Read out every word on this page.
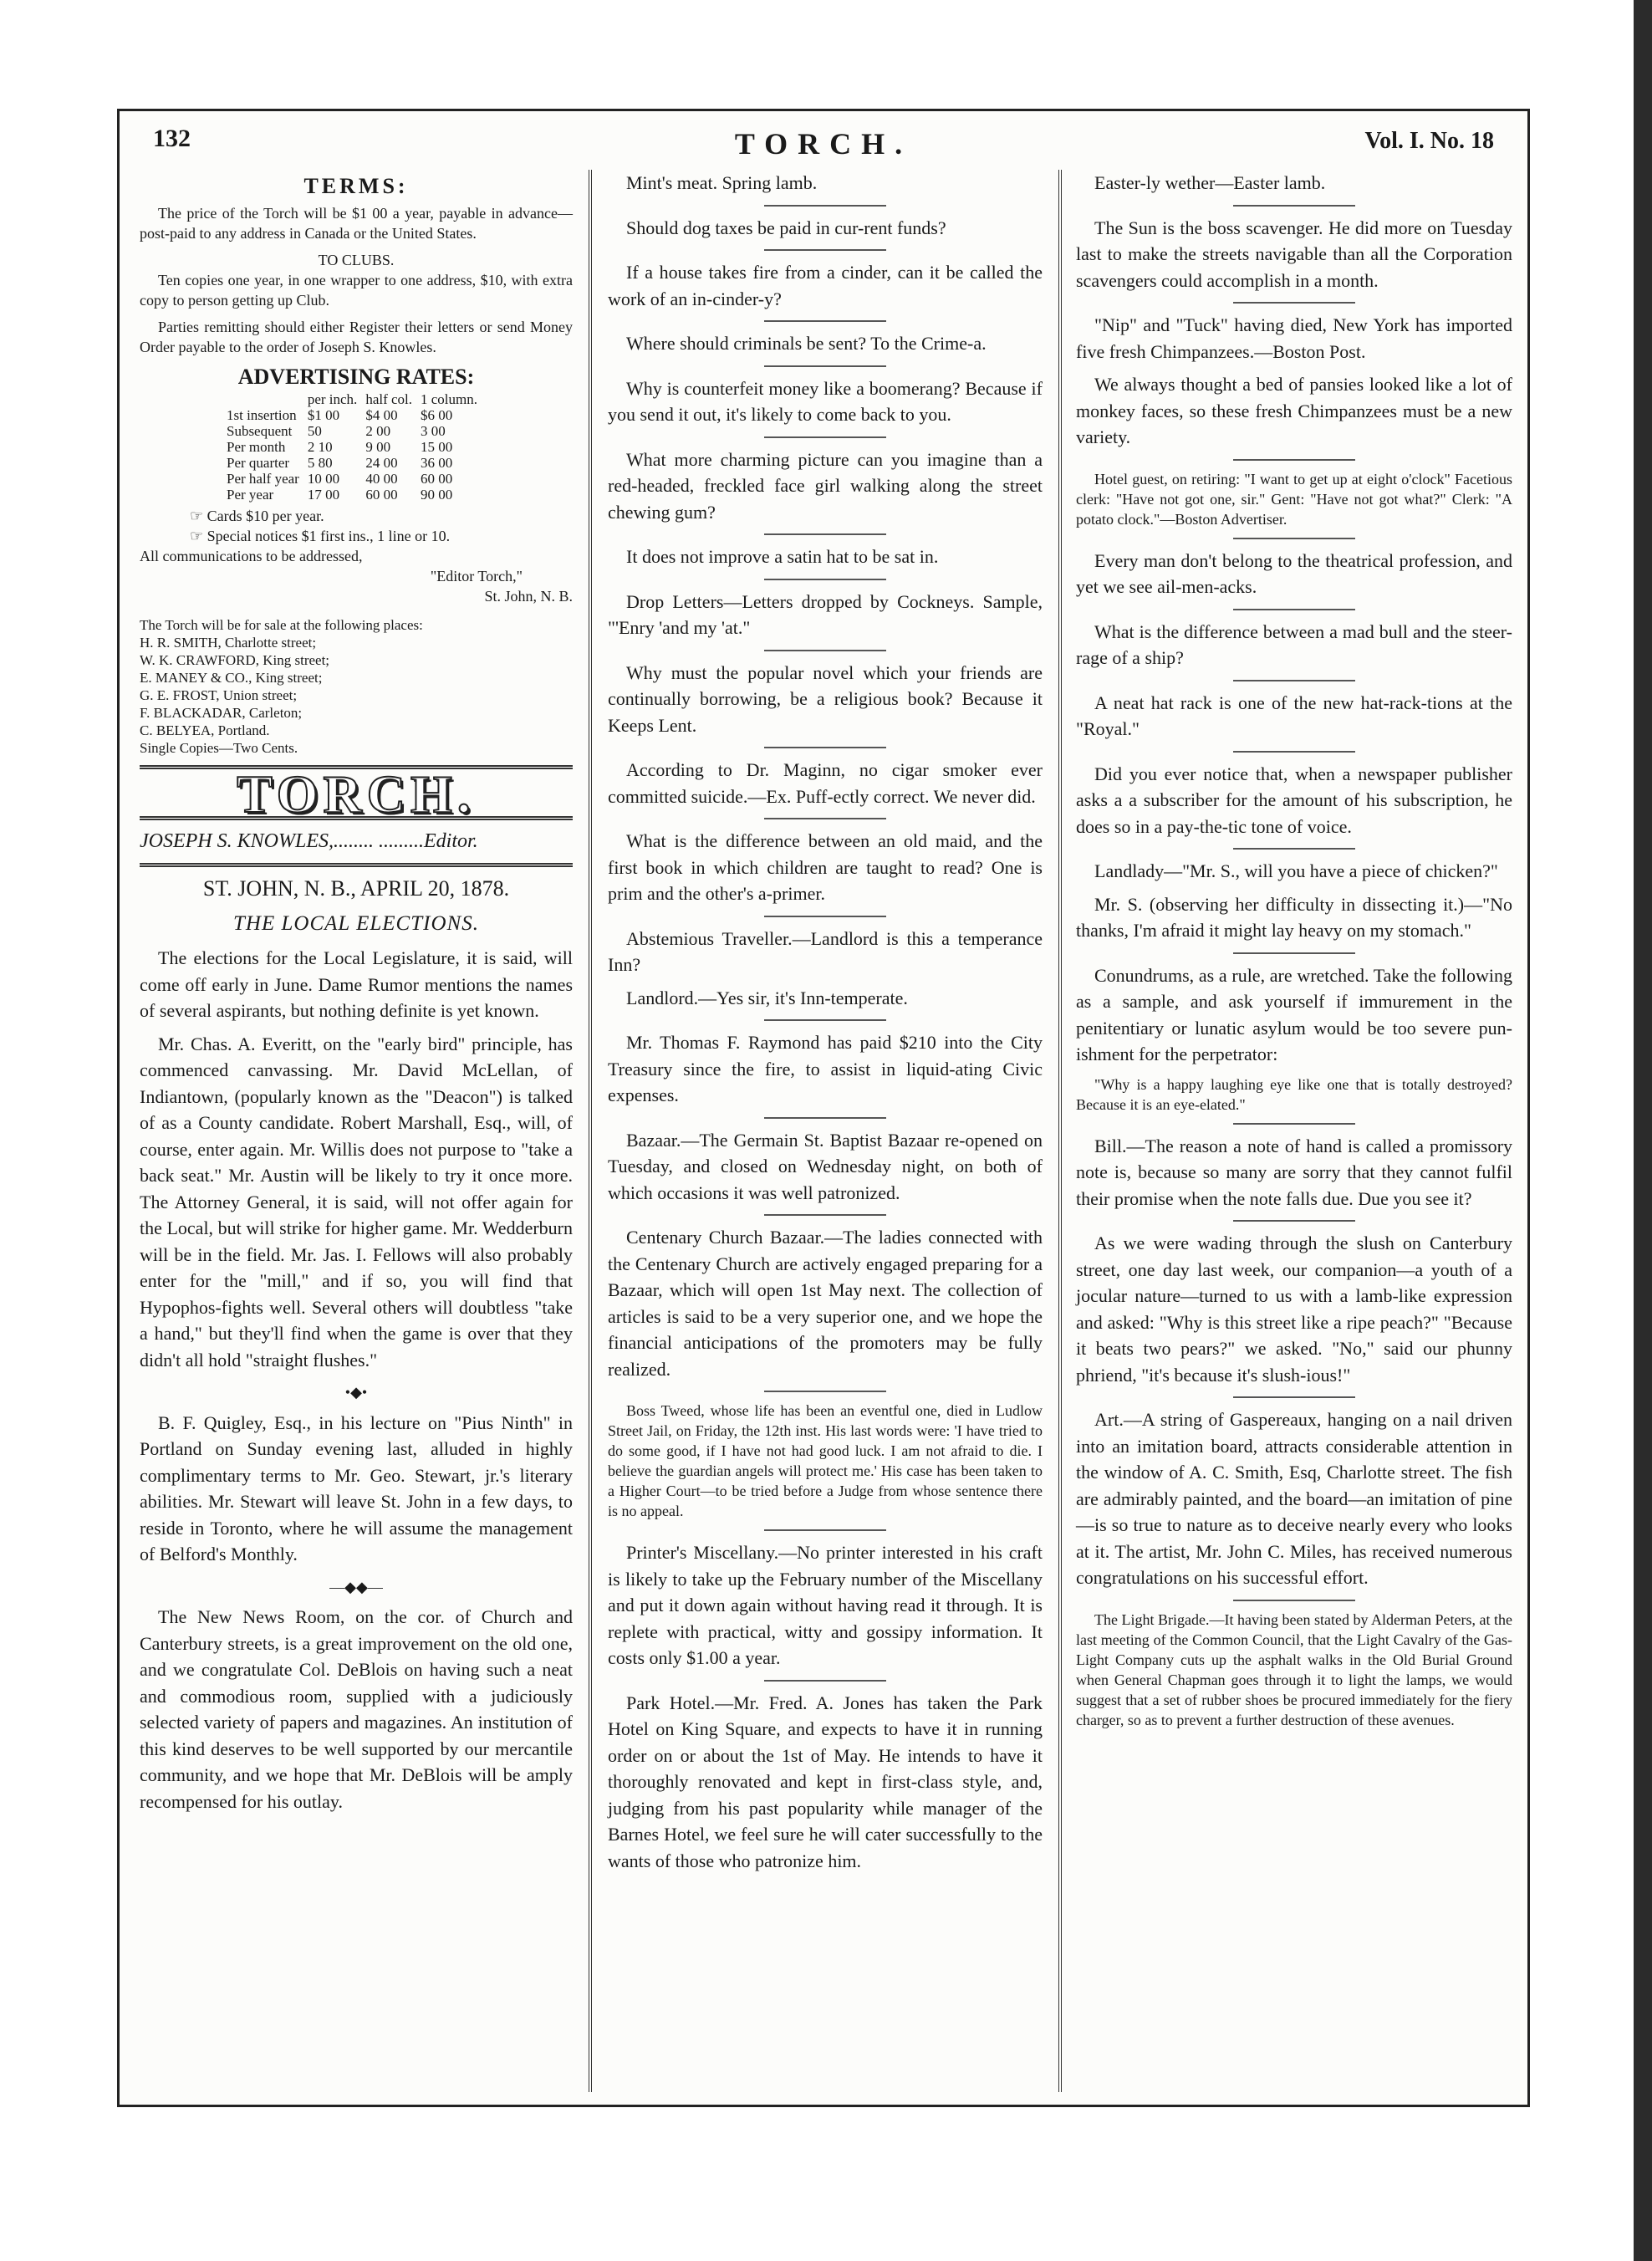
132	TORCH.	Vol. I. No. 18
TERMS:

The price of the Torch will be $1 00 a year, payable in advance—post-paid to any address in Canada or the United States.

TO CLUBS.

Ten copies one year, in one wrapper to one address, $10, with extra copy to person getting up Club.

Parties remitting should either Register their letters or send Money Order payable to the order of Joseph S. Knowles.

ADVERTISING RATES:
	per inch.	half col.	1 column.
1st insertion	$1 00	$4 00	$6 00
Subsequent	50	2 00	3 00
Per month	2 10	9 00	15 00
Per quarter	5 80	24 00	36 00
Per half year	10 00	40 00	60 00
Per year	17 00	60 00	90 00
☞ Cards $10 per year.
☞ Special notices $1 first ins., 1 line or 10.
All communications to be addressed,
"Editor Torch,"
St. John, N. B.
The Torch will be for sale at the following places:
H. R. SMITH, Charlotte street;
W. K. CRAWFORD, King street;
E. MANEY & CO., King street;
G. E. FROST, Union street;
F. BLACKADAR, Carleton;
C. BELYEA, Portland.
Single Copies—Two Cents.
TORCH.
JOSEPH S. KNOWLES,........ .........Editor.
ST. JOHN, N. B., APRIL 20, 1878.
THE LOCAL ELECTIONS.

The elections for the Local Legislature, it is said, will come off early in June. Dame Rumor mentions the names of several aspirants, but nothing definite is yet known.

Mr. Chas. A. Everitt, on the "early bird" principle, has commenced canvassing. Mr. David McLellan, of Indiantown, (popularly known as the "Deacon") is talked of as a County candidate. Robert Marshall, Esq., will, of course, enter again. Mr. Willis does not purpose to "take a back seat." Mr. Austin will be likely to try it once more. The Attorney General, it is said, will not offer again for the Local, but will strike for higher game. Mr. Wedderburn will be in the field. Mr. Jas. I. Fellows will also probably enter for the "mill," and if so, you will find that Hypophos-fights well. Several others will doubtless "take a hand," but they'll find when the game is over that they didn't all hold "straight flushes."

•◆•

B. F. Quigley, Esq., in his lecture on "Pius Ninth" in Portland on Sunday evening last, alluded in highly complimentary terms to Mr. Geo. Stewart, jr.'s literary abilities. Mr. Stewart will leave St. John in a few days, to reside in Toronto, where he will assume the management of Belford's Monthly.

—◆◆—

The New News Room, on the cor. of Church and Canterbury streets, is a great improvement on the old one, and we congratulate Col. DeBlois on having such a neat and commodious room, supplied with a judiciously selected variety of papers and magazines. An institution of this kind deserves to be well supported by our mercantile community, and we hope that Mr. DeBlois will be amply recompensed for his outlay.

Mint's meat. Spring lamb.

Should dog taxes be paid in cur-rent funds?

If a house takes fire from a cinder, can it be called the work of an in-cinder-y?

Where should criminals be sent? To the Crime-a.

Why is counterfeit money like a boomerang? Because if you send it out, it's likely to come back to you.

What more charming picture can you imagine than a red-headed, freckled face girl walking along the street chewing gum?

It does not improve a satin hat to be sat in.

Drop Letters—Letters dropped by Cockneys. Sample, "'Enry 'and my 'at."

Why must the popular novel which your friends are continually borrowing, be a religious book? Because it Keeps Lent.

According to Dr. Maginn, no cigar smoker ever committed suicide.—Ex. Puff-ectly correct. We never did.

What is the difference between an old maid, and the first book in which children are taught to read? One is prim and the other's a-primer.

Abstemious Traveller.—Landlord is this a temperance Inn?

Landlord.—Yes sir, it's Inn-temperate.

Mr. Thomas F. Raymond has paid $210 into the City Treasury since the fire, to assist in liquid-ating Civic expenses.

Bazaar.—The Germain St. Baptist Bazaar re-opened on Tuesday, and closed on Wednesday night, on both of which occasions it was well patronized.

Centenary Church Bazaar.—The ladies connected with the Centenary Church are actively engaged preparing for a Bazaar, which will open 1st May next. The collection of articles is said to be a very superior one, and we hope the financial anticipations of the promoters may be fully realized.

Boss Tweed, whose life has been an eventful one, died in Ludlow Street Jail, on Friday, the 12th inst. His last words were: 'I have tried to do some good, if I have not had good luck. I am not afraid to die. I believe the guardian angels will protect me.' His case has been taken to a Higher Court—to be tried before a Judge from whose sentence there is no appeal.

Printer's Miscellany.—No printer interested in his craft is likely to take up the February number of the Miscellany and put it down again without having read it through. It is replete with practical, witty and gossipy information. It costs only $1.00 a year.

Park Hotel.—Mr. Fred. A. Jones has taken the Park Hotel on King Square, and expects to have it in running order on or about the 1st of May. He intends to have it thoroughly renovated and kept in first-class style, and, judging from his past popularity while manager of the Barnes Hotel, we feel sure he will cater successfully to the wants of those who patronize him.

Easter-ly wether—Easter lamb.

The Sun is the boss scavenger. He did more on Tuesday last to make the streets navigable than all the Corporation scavengers could accomplish in a month.

"Nip" and "Tuck" having died, New York has imported five fresh Chimpanzees.—Boston Post.

We always thought a bed of pansies looked like a lot of monkey faces, so these fresh Chimpanzees must be a new variety.

Hotel guest, on retiring: "I want to get up at eight o'clock" Facetious clerk: "Have not got one, sir." Gent: "Have not got what?" Clerk: "A potato clock."—Boston Advertiser.

Every man don't belong to the theatrical profession, and yet we see ail-men-acks.

What is the difference between a mad bull and the steer-rage of a ship?

A neat hat rack is one of the new hat-rack-tions at the "Royal."

Did you ever notice that, when a newspaper publisher asks a a subscriber for the amount of his subscription, he does so in a pay-the-tic tone of voice.

Landlady—"Mr. S., will you have a piece of chicken?"

Mr. S. (observing her difficulty in dissecting it.)—"No thanks, I'm afraid it might lay heavy on my stomach."

Conundrums, as a rule, are wretched. Take the following as a sample, and ask yourself if immurement in the penitentiary or lunatic asylum would be too severe pun-ishment for the perpetrator:

"Why is a happy laughing eye like one that is totally destroyed? Because it is an eye-elated."

Bill.—The reason a note of hand is called a promissory note is, because so many are sorry that they cannot fulfil their promise when the note falls due. Due you see it?

As we were wading through the slush on Canterbury street, one day last week, our companion—a youth of a jocular nature—turned to us with a lamb-like expression and asked: "Why is this street like a ripe peach?" "Because it beats two pears?" we asked. "No," said our phunny phriend, "it's because it's slush-ious!"

Art.—A string of Gaspereaux, hanging on a nail driven into an imitation board, attracts considerable attention in the window of A. C. Smith, Esq, Charlotte street. The fish are admirably painted, and the board—an imitation of pine—is so true to nature as to deceive nearly every who looks at it. The artist, Mr. John C. Miles, has received numerous congratulations on his successful effort.

The Light Brigade.—It having been stated by Alderman Peters, at the last meeting of the Common Council, that the Light Cavalry of the Gas-Light Company cuts up the asphalt walks in the Old Burial Ground when General Chapman goes through it to light the lamps, we would suggest that a set of rubber shoes be procured immediately for the fiery charger, so as to prevent a further destruction of these avenues.
